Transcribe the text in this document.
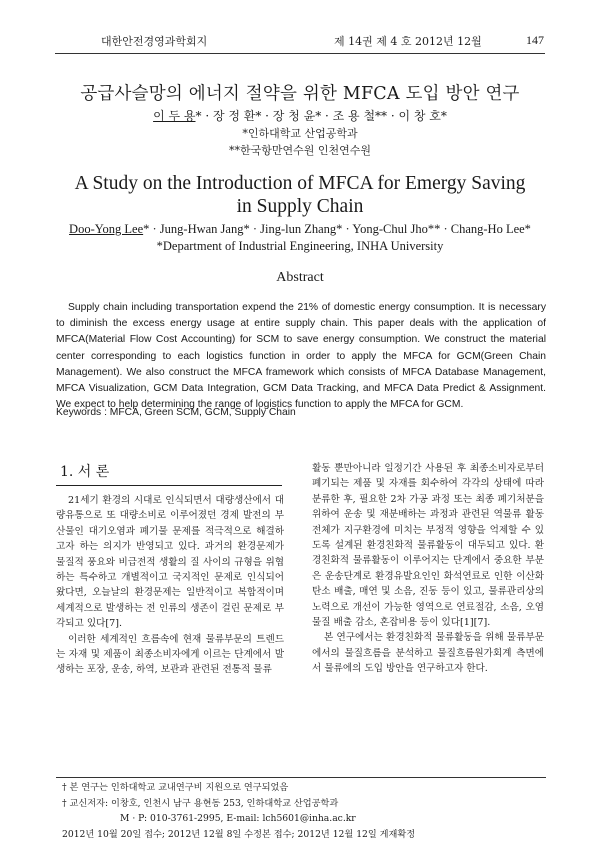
대한안전경영과학회지	제 14권 제 4 호 2012년 12월	147
공급사슬망의 에너지 절약을 위한 MFCA 도입 방안 연구
이 두 용* · 장 정 환* · 장 청 윤* · 조 용 철** · 이 창 호*
*인하대학교 산업공학과
**한국항만연수원 인천연수원
A Study on the Introduction of MFCA for Emergy Saving in Supply Chain
Doo-Yong Lee* · Jung-Hwan Jang* · Jing-lun Zhang* · Yong-Chul Jho** · Chang-Ho Lee*
*Department of Industrial Engineering, INHA University
Abstract

Supply chain including transportation expend the 21% of domestic energy consumption. It is necessary to diminish the excess energy usage at entire supply chain. This paper deals with the application of MFCA(Material Flow Cost Accounting) for SCM to save energy consumption. We construct the material center corresponding to each logistics function in order to apply the MFCA for GCM(Green Chain Management). We also construct the MFCA framework which consists of MFCA Database Management, MFCA Visualization, GCM Data Integration, GCM Data Tracking, and MFCA Data Predict & Assignment. We expect to help determining the range of logistics function to apply the MFCA for GCM.

Keywords : MFCA, Green SCM, GCM, Supply Chain
1. 서 론

21세기 환경의 시대로 인식되면서 대량생산에서 대량유통으로 또 대량소비로 이루어졌던 경제 발전의 부산물인 대기오염과 폐기물 문제를 적극적으로 해결하고자 하는 의지가 반영되고 있다. 과거의 환경문제가 물질적 풍요와 비급전적 생활의 질 사이의 규형을 위협하는 특수하고 개별적이고 국지적인 문제로 인식되어왔다면, 오늘날의 환경문제는 일반적이고 복합적이며 세계적으로 발생하는 전 인류의 생존이 걸린 문제로 부각되고 있다[7].

이러한 세계적인 흐름속에 현재 물류부문의 트렌드는 자재 및 제품이 최종소비자에게 이르는 단계에서 발생하는 포장, 운송, 하역, 보관과 관련된 전통적 물류

활동 뿐만아니라 일정기간 사용된 후 최종소비자로부터 폐기되는 제품 및 자재를 회수하여 각각의 상태에 따라 분류한 후, 필요한 2차 가공 과정 또는 최종 폐기처분을 위하여 운송 및 재분배하는 과정과 관련된 역물류 활동전체가 지구환경에 미치는 부정적 영향을 억제할 수 있도록 설계된 환경친화적 물류활동이 대두되고 있다. 환경친화적 물류활동이 이루어지는 단계에서 중요한 부분은 운송단계로 환경유발요인인 화석연료로 인한 이산화탄소 배출, 매연 및 소음, 진동 등이 있고, 물류관리상의 노력으로 개선이 가능한 영역으로 연료절감, 소음, 오염물질 배출 감소, 혼잡비용 등이 있다[1][7].

본 연구에서는 환경친화적 물류활동을 위해 물류부문에서의 물질흐름을 분석하고 물질흐름원가회계 측면에서 물류에의 도입 방안을 연구하고자 한다.

† 본 연구는 인하대학교 교내연구비 지원으로 연구되었음
† 교신저자: 이창호, 인천시 남구 용현동 253, 인하대학교 산업공학과
M · P: 010-3761-2995, E-mail: lch5601@inha.ac.kr
2012년 10월 20일 접수; 2012년 12월 8일 수정본 접수; 2012년 12월 12일 게재확정
